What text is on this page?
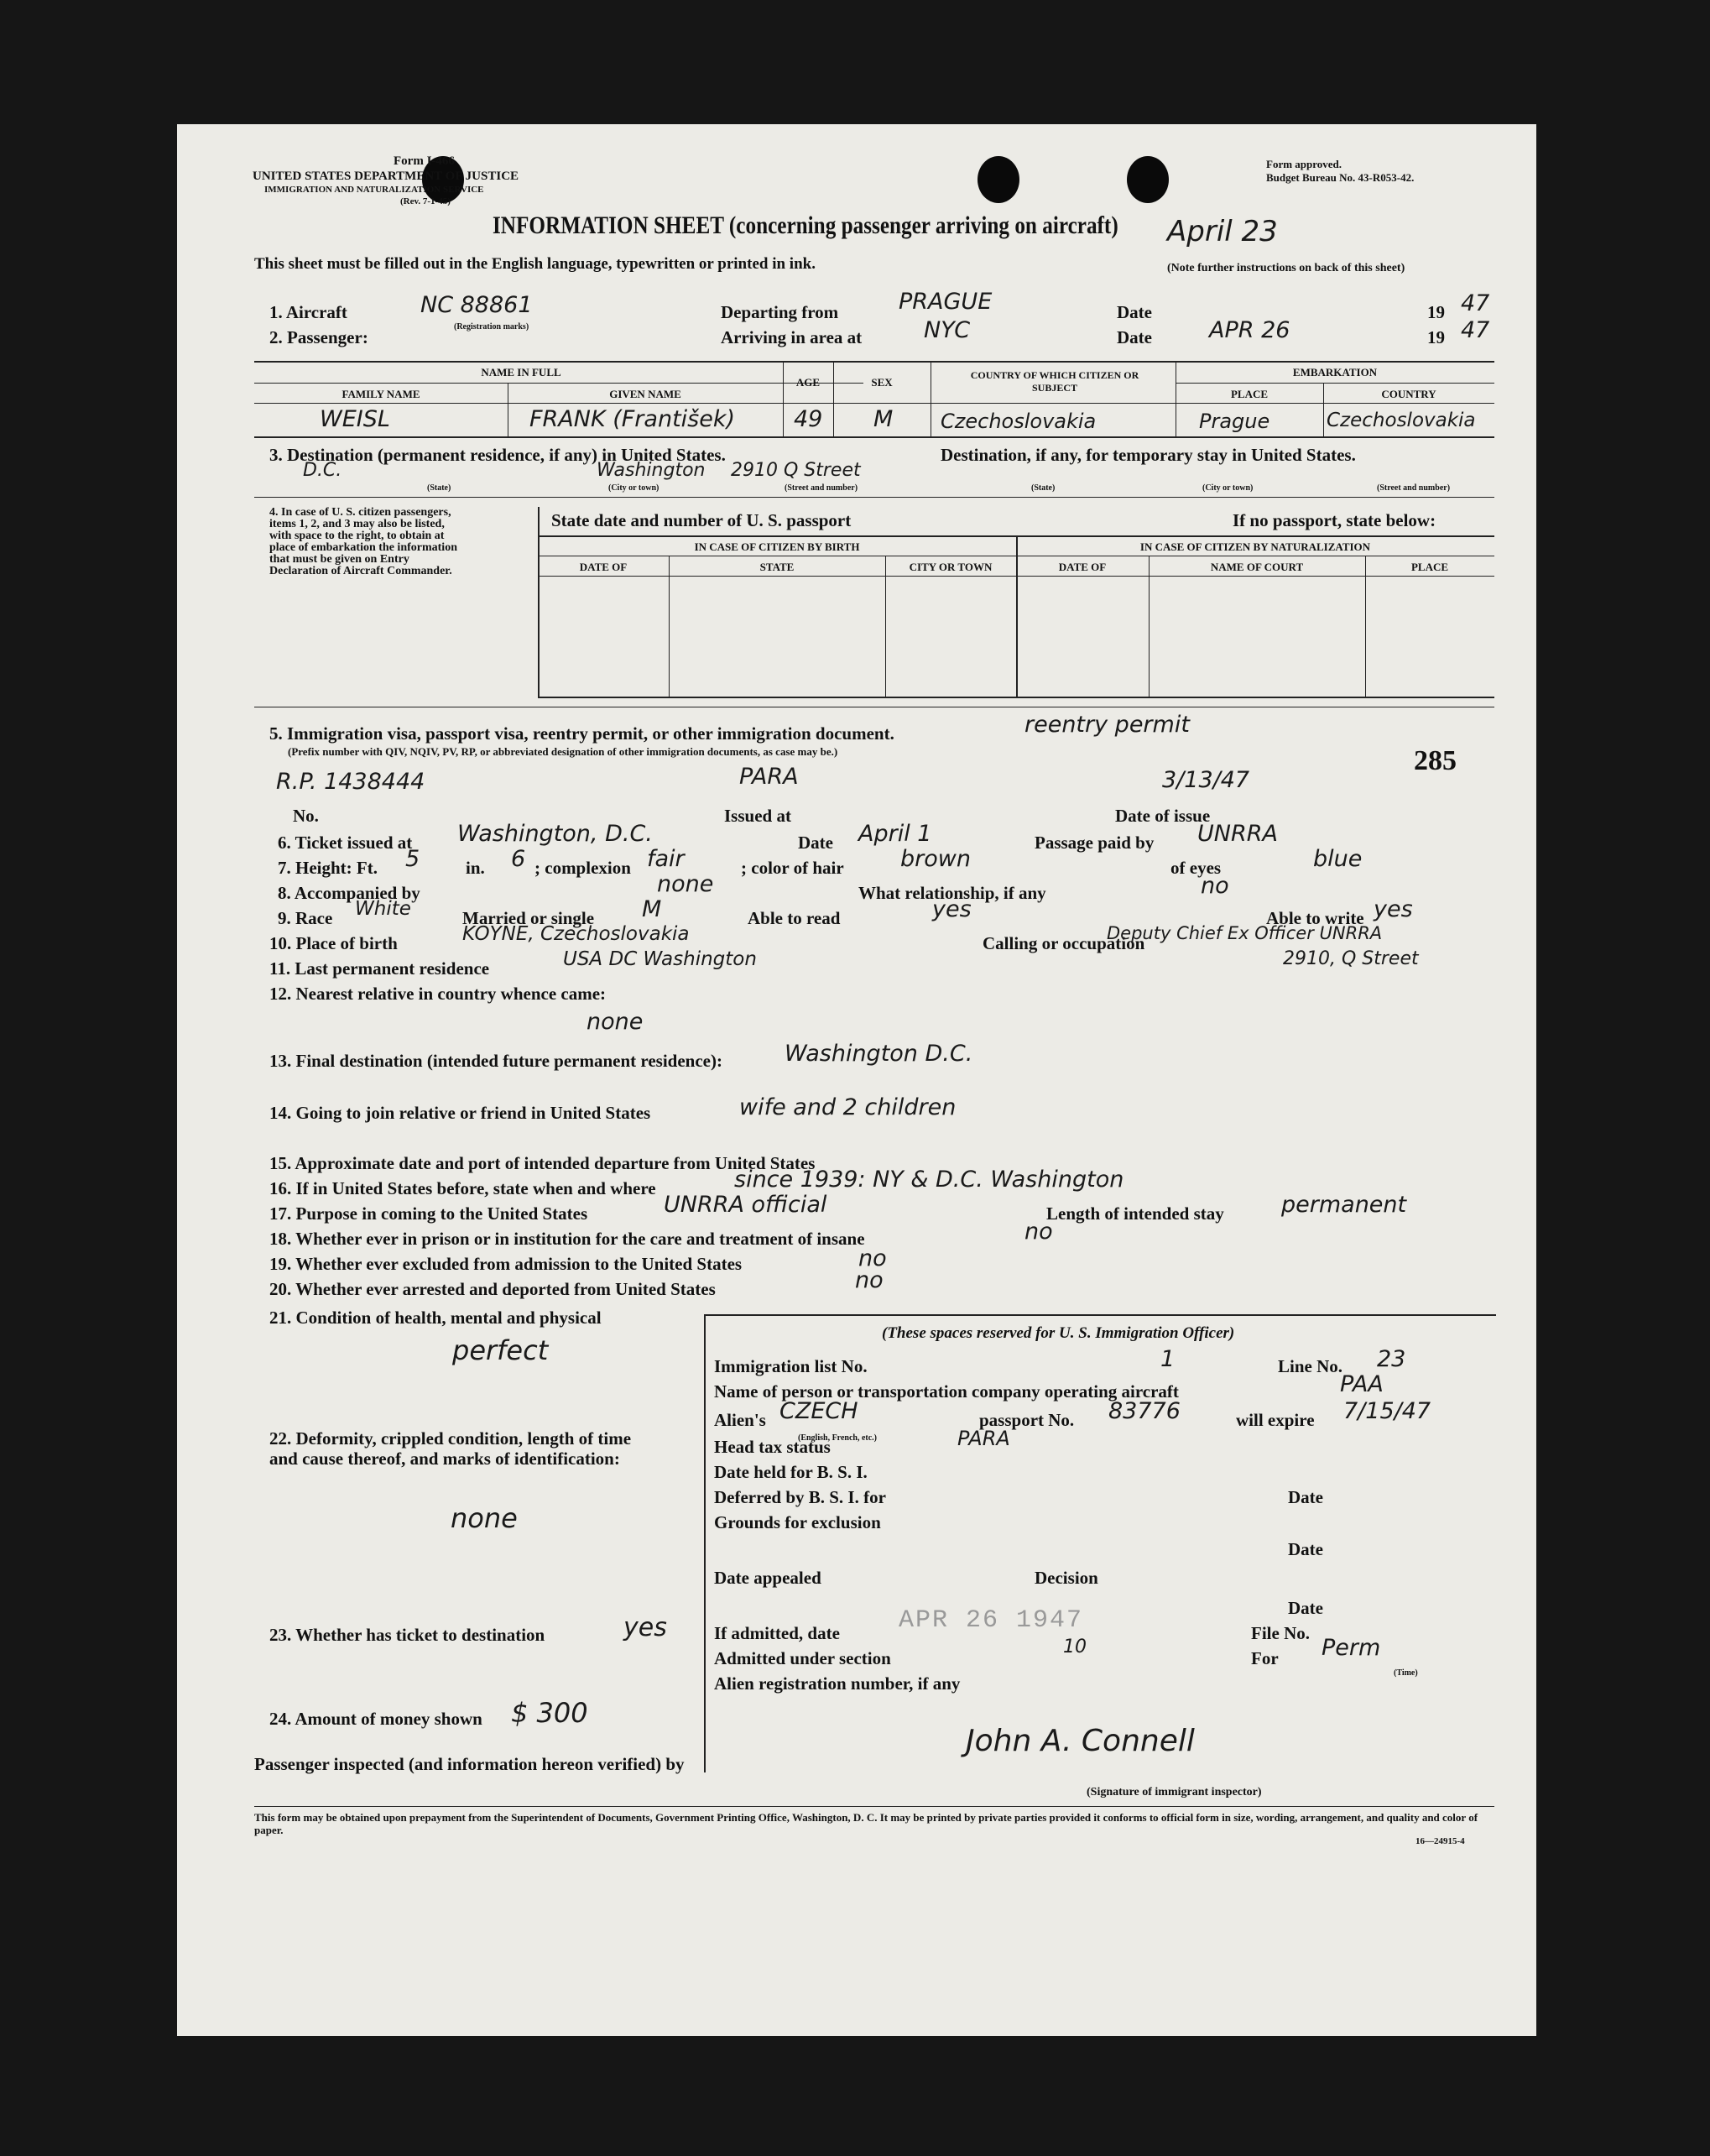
Form I-466
UNITED STATES DEPARTMENT OF JUSTICE
IMMIGRATION AND NATURALIZATION SERVICE
(Rev. 7-1-45)
Form approved.
Budget Bureau No. 43-R053-42.
INFORMATION SHEET (concerning passenger arriving on aircraft)
This sheet must be filled out in the English language, typewritten or printed in ink.	(Note further instructions on back of this sheet)
April 23
1. Aircraft	NC 88861
(Registration marks)
2. Passenger:
Departing from	PRAGUE
Arriving in area at	NYC
Date	19 47
Date	APR 26	19 47
NAME IN FULL
FAMILY NAME	GIVEN NAME
AGE	SEX
COUNTRY OF WHICH CITIZEN OR SUBJECT
EMBARKATION
PLACE	COUNTRY
WEISL	FRANK (František)	49 M Czechoslovakia	Prague	Czechoslovakia
3. Destination (permanent residence, if any) in United States.	Destination, if any, for temporary stay in United States.
D.C.	Washington 2910 Q Street
(State)	(City or town)	(Street and number)	(State)	(City or town)	(Street and number)
4. In case of U. S. citizen passengers, items 1, 2, and 3 may also be listed, with space to the right, to obtain at place of embarkation the information that must be given on Entry Declaration of Aircraft Commander.
State date and number of U. S. passport	If no passport, state below:
IN CASE OF CITIZEN BY BIRTH	IN CASE OF CITIZEN BY NATURALIZATION
DATE OF	STATE	CITY OR TOWN	DATE OF	NAME OF COURT	PLACE
5. Immigration visa, passport visa, reentry permit, or other immigration document.	reentry permit
(Prefix number with QIV, NQIV, PV, RP, or abbreviated designation of other immigration documents, as case may be.)	285
R.P. 1438444	PARA	3/13/47
No.	Issued at	Date of issue
6. Ticket issued at Washington, D.C.	Date April 1	Passage paid by UNRRA
7. Height: Ft. 5	in. 6 ; complexion fair	; color of hair brown	of eyes	blue
8. Accompanied by	none	What relationship, if any	no
9. Race White	Married or single M	Able to read	yes	Able to write yes
10. Place of birth	KOYNE, Czechoslovakia	Calling or occupation
Deputy Chief Ex Officer UNRRA
11. Last permanent residence	USA DC Washington	2910, Q Street
12. Nearest relative in country whence came:
none
13. Final destination (intended future permanent residence):	Washington D.C.
14. Going to join relative or friend in United States	wife and 2 children
15. Approximate date and port of intended departure from United States
16. If in United States before, state when and where	since 1939: NY & D.C. Washington
17. Purpose in coming to the United States	UNRRA official	Length of intended stay	permanent
18. Whether ever in prison or in institution for the care and treatment of insane	no
19. Whether ever excluded from admission to the United States	no
20. Whether ever arrested and deported from United States	no
21. Condition of health, mental and physical
perfect
22. Deformity, crippled condition, length of time and cause thereof, and marks of identification:
none
23. Whether has ticket to destination	yes
24. Amount of money shown $ 300
(These spaces reserved for U. S. Immigration Officer)
Immigration list No.	1	Line No. 23
Name of person or transportation company operating aircraft	PAA
Alien's CZECH
(English, French, etc.)
passport No. 83776	will expire 7/15/47
Head tax status	PARA
Date held for B. S. I.
Deferred by B. S. I. for	Date
Grounds for exclusion
Date
Date appealed	Decision
Date
If admitted, date APR 26 1947	File No.
Admitted under section
10
For Perm
(Time)
Alien registration number, if any
Passenger inspected (and information hereon verified) by
John A. Connell
(Signature of immigrant inspector)
This form may be obtained upon prepayment from the Superintendent of Documents, Government Printing Office, Washington, D. C. It may be printed by private parties provided it conforms to official form in size, wording, arrangement, and quality and color of paper.
16—24915-4
